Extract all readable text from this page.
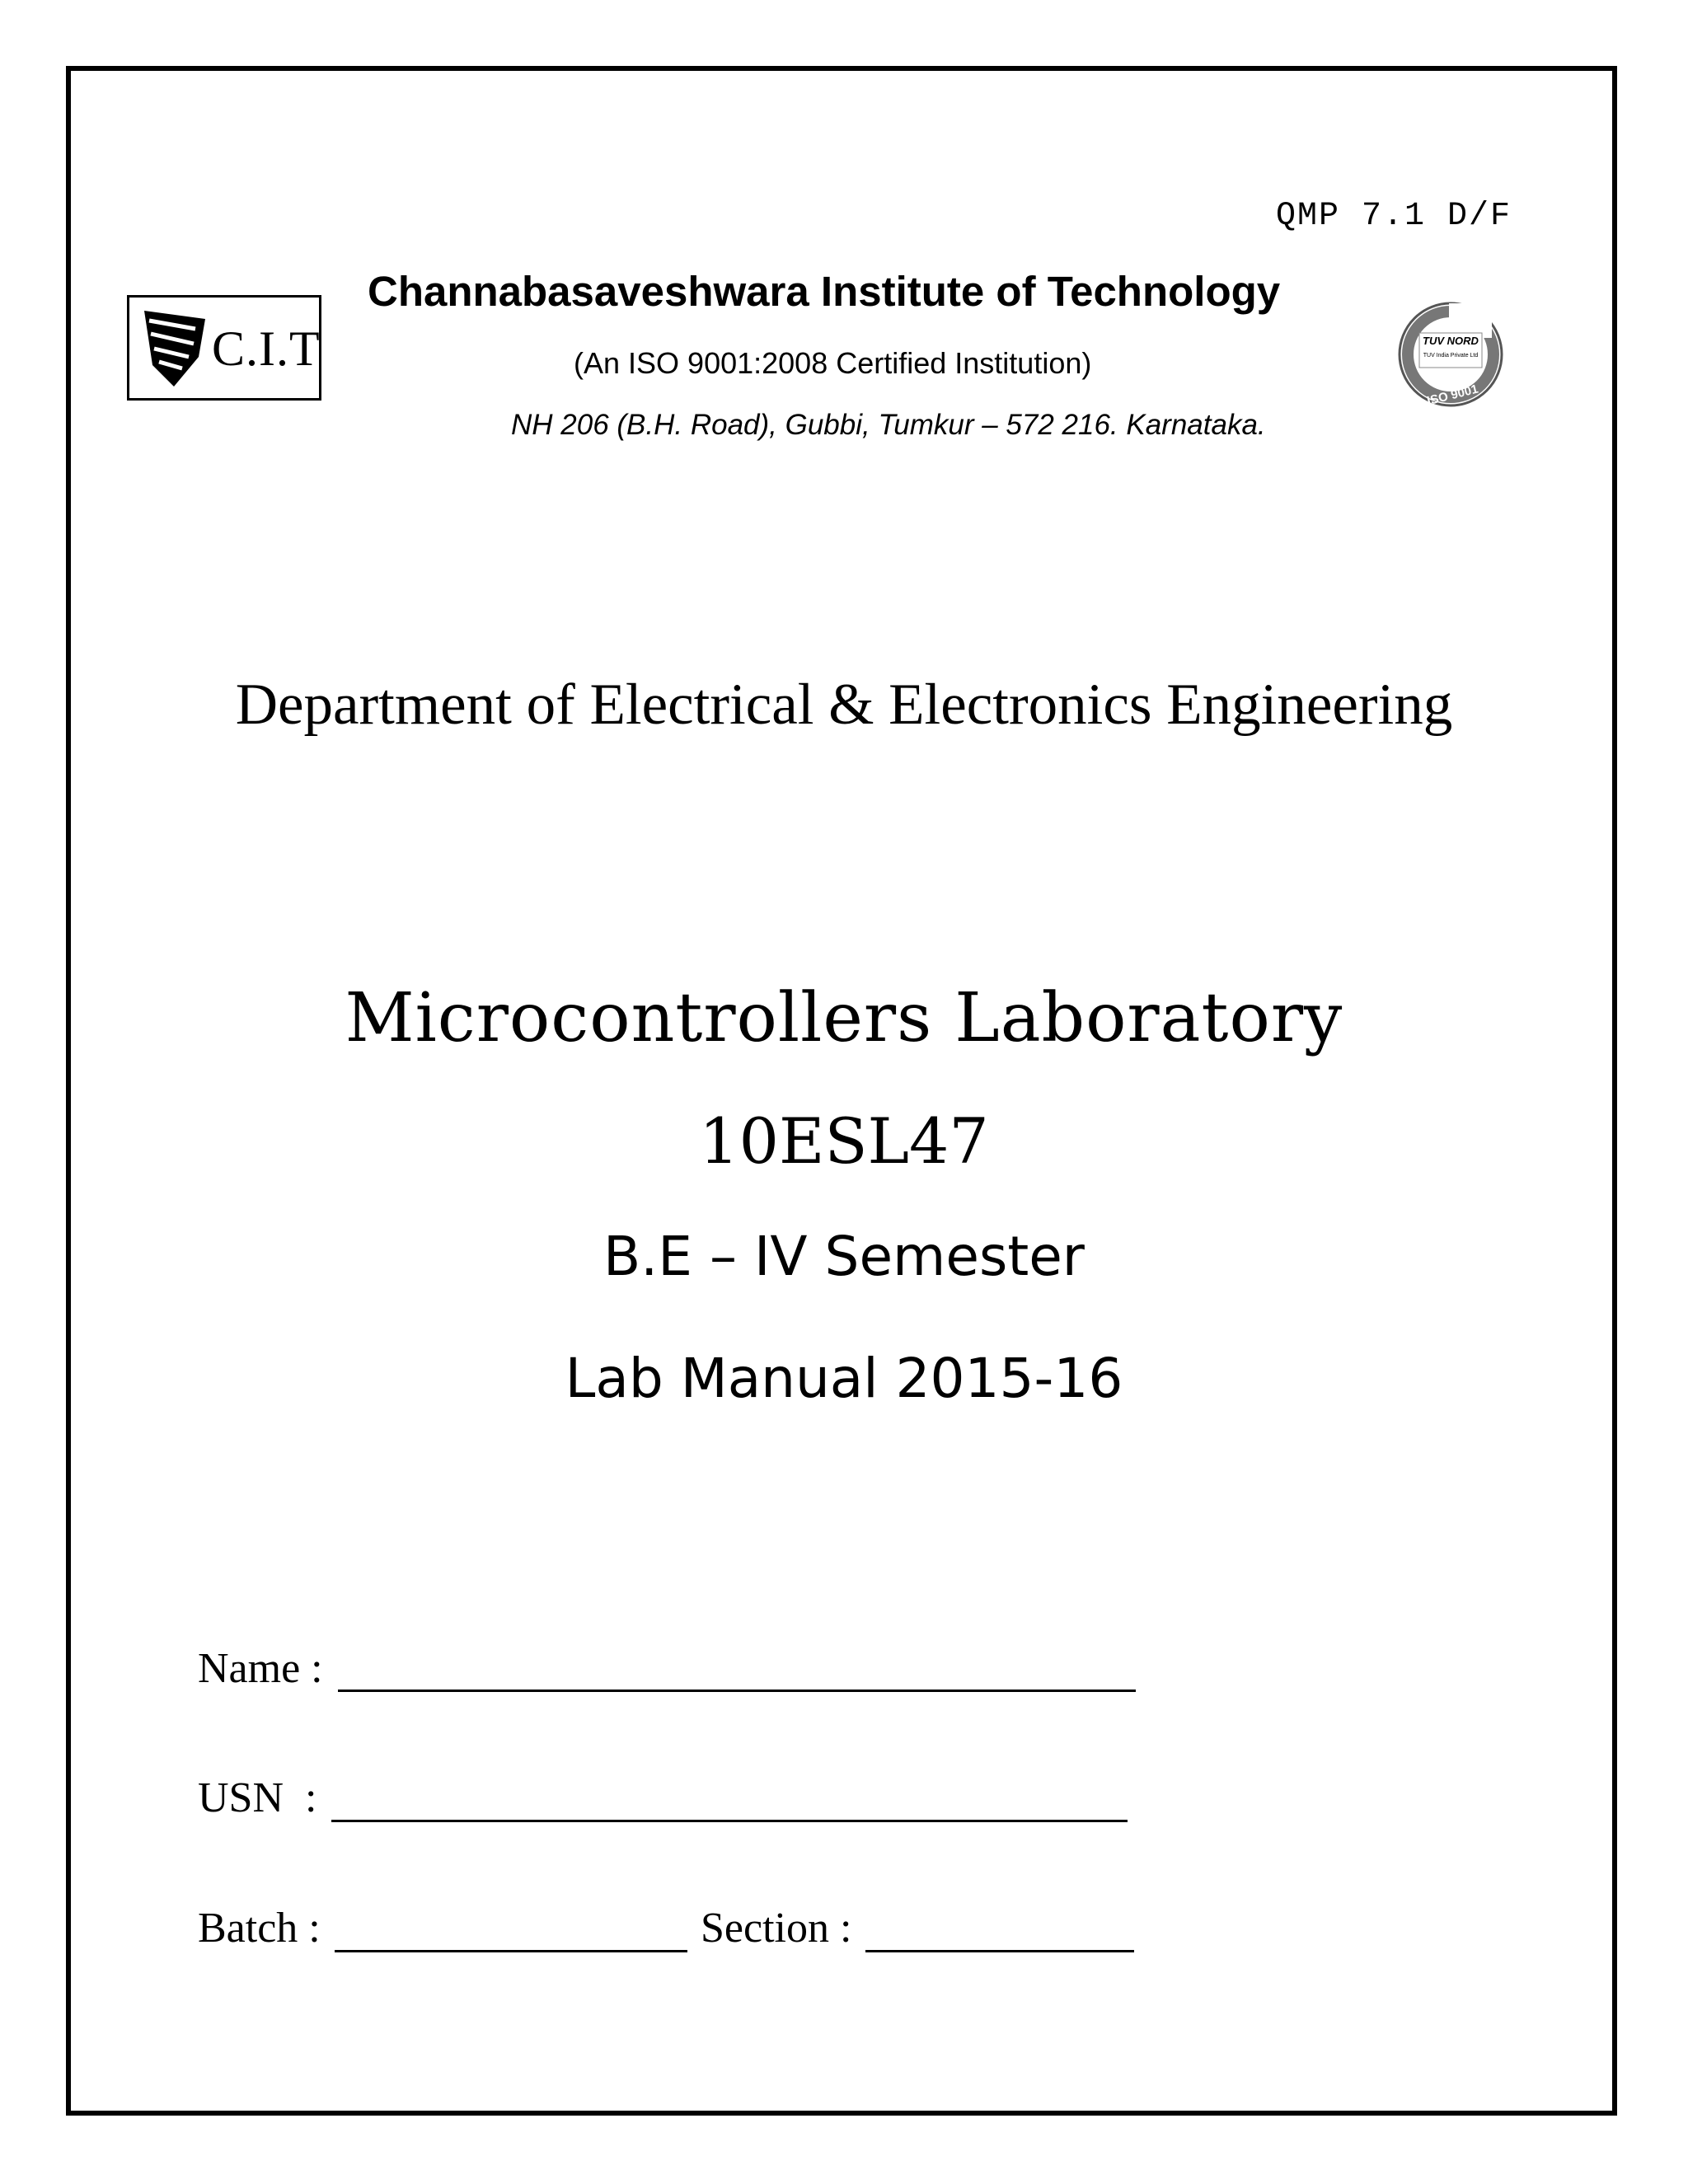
QMP 7.1 D/F
C.I.T
Channabasaveshwara Institute of Technology
(An ISO 9001:2008 Certified Institution)
NH 206 (B.H. Road), Gubbi, Tumkur – 572 216. Karnataka.
TUV NORD
TUV India Private Ltd
ISO 9001
Department of Electrical & Electronics Engineering
Microcontrollers Laboratory
10ESL47
B.E – IV Semester
Lab Manual 2015-16
Name :
USN  :
Batch :	Section :
